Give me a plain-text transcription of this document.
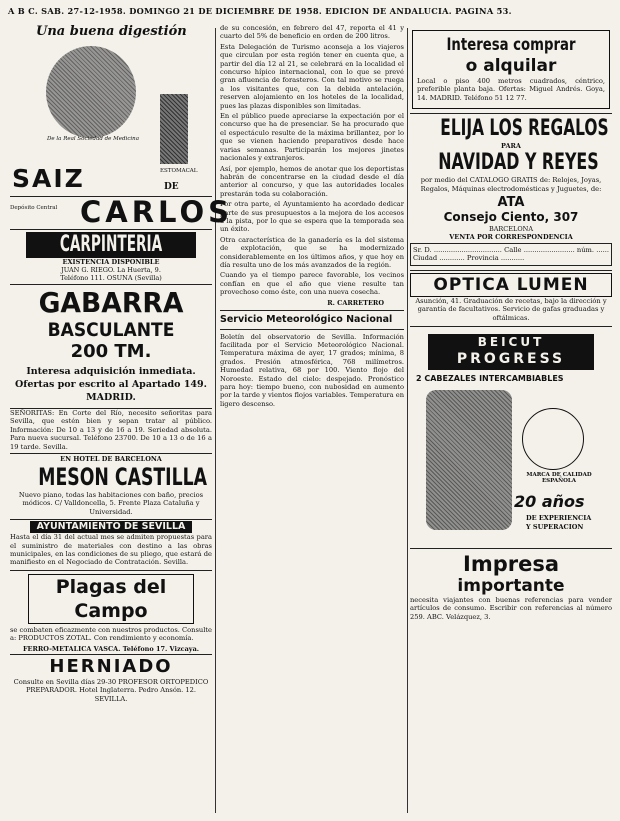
A B C. SAB. 27-12-1958. DOMINGO 21 DE DICIEMBRE DE 1958. EDICION DE ANDALUCIA. PAGINA 53.
Una buena digestión
De la Real Sociedad de Medicina
DE
ESTOMACAL
SAIZ
Depósito Central CARLOS
CARPINTERIA
EXISTENCIA DISPONIBLE
JUAN G. RIEGO. La Huerta, 9.
Teléfono 111. OSUNA (Sevilla)
GABARRA
BASCULANTE
200 TM.
Interesa adquisición inmediata. Ofertas por escrito al Apartado 149. MADRID.
SEÑORITAS: En Corte del Río, necesito señoritas para Sevilla, que estén bien y sepan tratar al público. Información: De 10 a 13 y de 16 a 19. Seriedad absoluta. Para nueva sucursal. Teléfono 23700. De 10 a 13 o de 16 a 19 tarde. Sevilla.
EN HOTEL DE BARCELONA
MESON CASTILLA
Nuevo piano, todas las habitaciones con baño, precios módicos. C/ Valldoncella, 5. Frente Plaza Cataluña y Universidad.
AYUNTAMIENTO DE SEVILLA
Hasta el día 31 del actual mes se admiten propuestas para el suministro de materiales con destino a las obras municipales, en las condiciones de su pliego, que estará de manifiesto en el Negociado de Contratación. Sevilla.
Plagas del Campo
se combaten eficazmente con nuestros productos. Consulte a: PRODUCTOS ZOTAL. Con rendimiento y economía.
FERRO-METALICA VASCA. Teléfono 17. Vizcaya.
HERNIADO
Consulte en Sevilla días 29-30 PROFESOR ORTOPEDICO PREPARADOR. Hotel Inglaterra. Pedro Ansón. 12. SEVILLA.

de su concesión, en febrero del 47, reporta el 41 y cuarto del 5% de beneficio en orden de 200 litros.

Esta Delegación de Turismo aconseja a los viajeros que circulan por esta región tener en cuenta que, a partir del día 12 al 21, se celebrará en la localidad el concurso hípico internacional, con lo que se prevé gran afluencia de forasteros. Con tal motivo se ruega a los visitantes que, con la debida antelación, reserven alojamiento en los hoteles de la localidad, pues las plazas disponibles son limitadas.

En el público puede apreciarse la expectación por el concurso que ha de presenciar. Se ha procurado que el espectáculo resulte de la máxima brillantez, por lo que se vienen haciendo preparativos desde hace varias semanas. Participarán los mejores jinetes nacionales y extranjeros.

Así, por ejemplo, hemos de anotar que los deportistas habrán de concentrarse en la ciudad desde el día anterior al concurso, y que las autoridades locales prestarán toda su colaboración.

Por otra parte, el Ayuntamiento ha acordado dedicar parte de sus presupuestos a la mejora de los accesos a la pista, por lo que se espera que la temporada sea un éxito.

Otra característica de la ganadería es la del sistema de explotación, que se ha modernizado considerablemente en los últimos años, y que hoy en día resulta uno de los más avanzados de la región.

Cuando ya el tiempo parece favorable, los vecinos confían en que el año que viene resulte tan provechoso como éste, con una nueva cosecha.

R. CARRETERO
Servicio Meteorológico Nacional

Boletín del observatorio de Sevilla. Información facilitada por el Servicio Meteorológico Nacional. Temperatura máxima de ayer, 17 grados; mínima, 8 grados. Presión atmosférica, 768 milímetros. Humedad relativa, 68 por 100. Viento flojo del Noroeste. Estado del cielo: despejado. Pronóstico para hoy: tiempo bueno, con nubosidad en aumento por la tarde y vientos flojos variables. Temperatura en ligero descenso.

Interesa comprar
o alquilar
Local o piso 400 metros cuadrados, céntrico, preferible planta baja. Ofertas: Miguel Andrés. Goya, 14. MADRID. Teléfono 51 12 77.
ELIJA LOS REGALOS
PARA
NAVIDAD Y REYES
por medio del CATALOGO GRATIS de: Relojes, Joyas, Regalos, Máquinas electrodomésticas y Juguetes, de:
ATA
Consejo Ciento, 307
BARCELONA
VENTA POR CORRESPONDENCIA
Sr. D. ................................ Calle ........................ núm. ...... Ciudad ............ Provincia ...........
OPTICA LUMEN
Asunción, 41. Graduación de recetas, bajo la dirección y garantía de facultativos. Servicio de gafas graduadas y oftálmicas.
BEICUT
PROGRESS
2 CABEZALES INTERCAMBIABLES
MARCA DE CALIDAD ESPAÑOLA
20 años
DE EXPERIENCIA
Y SUPERACION
Impresa
importante
necesita viajantes con buenas referencias para vender artículos de consumo. Escribir con referencias al número 259. ABC. Velázquez, 3.
